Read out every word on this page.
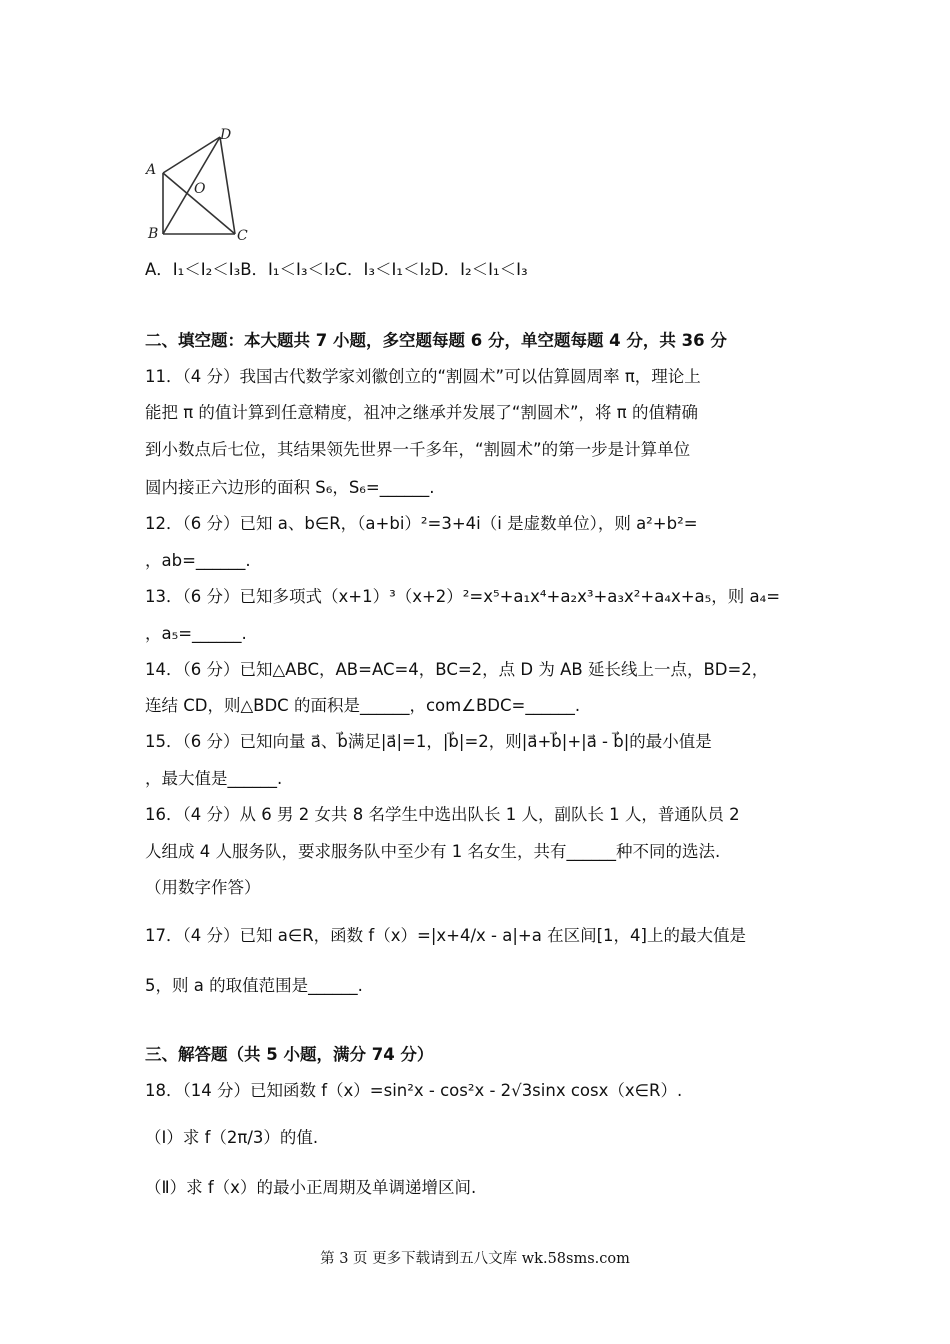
A
D
O
B	C
A．I₁＜I₂＜I₃B．I₁＜I₃＜I₂C．I₃＜I₁＜I₂D．I₂＜I₁＜I₃
二、填空题：本大题共 7 小题，多空题每题 6 分，单空题每题 4 分，共 36 分
11．（4 分）我国古代数学家刘徽创立的“割圆术”可以估算圆周率 π，理论上
能把 π 的值计算到任意精度，祖冲之继承并发展了“割圆术”，将 π 的值精确
到小数点后七位，其结果领先世界一千多年，“割圆术”的第一步是计算单位
圆内接正六边形的面积 S₆，S₆=______.
12．（6 分）已知 a、b∈R，（a+bi）²=3+4i（i 是虚数单位），则 a²+b²=
，ab=______.
13．（6 分）已知多项式（x+1）³（x+2）²=x⁵+a₁x⁴+a₂x³+a₃x²+a₄x+a₅，则 a₄=
，a₅=______.
14．（6 分）已知△ABC，AB=AC=4，BC=2，点 D 为 AB 延长线上一点，BD=2，
连结 CD，则△BDC 的面积是______，com∠BDC=______.
15．（6 分）已知向量 a⃗、b⃗满足|a⃗|=1，|b⃗|=2，则|a⃗+b⃗|+|a⃗ - b⃗|的最小值是
，最大值是______.
16．（4 分）从 6 男 2 女共 8 名学生中选出队长 1 人，副队长 1 人，普通队员 2
人组成 4 人服务队，要求服务队中至少有 1 名女生，共有______种不同的选法.
（用数字作答）
17．（4 分）已知 a∈R，函数 f（x）=|x+4/x - a|+a 在区间[1，4]上的最大值是
5，则 a 的取值范围是______.
三、解答题（共 5 小题，满分 74 分）
18．（14 分）已知函数 f（x）=sin²x - cos²x - 2√3sinx cosx（x∈R）.
（Ⅰ）求 f（2π/3）的值.
（Ⅱ）求 f（x）的最小正周期及单调递增区间.
第 3 页 更多下载请到五八文库 wk.58sms.com
